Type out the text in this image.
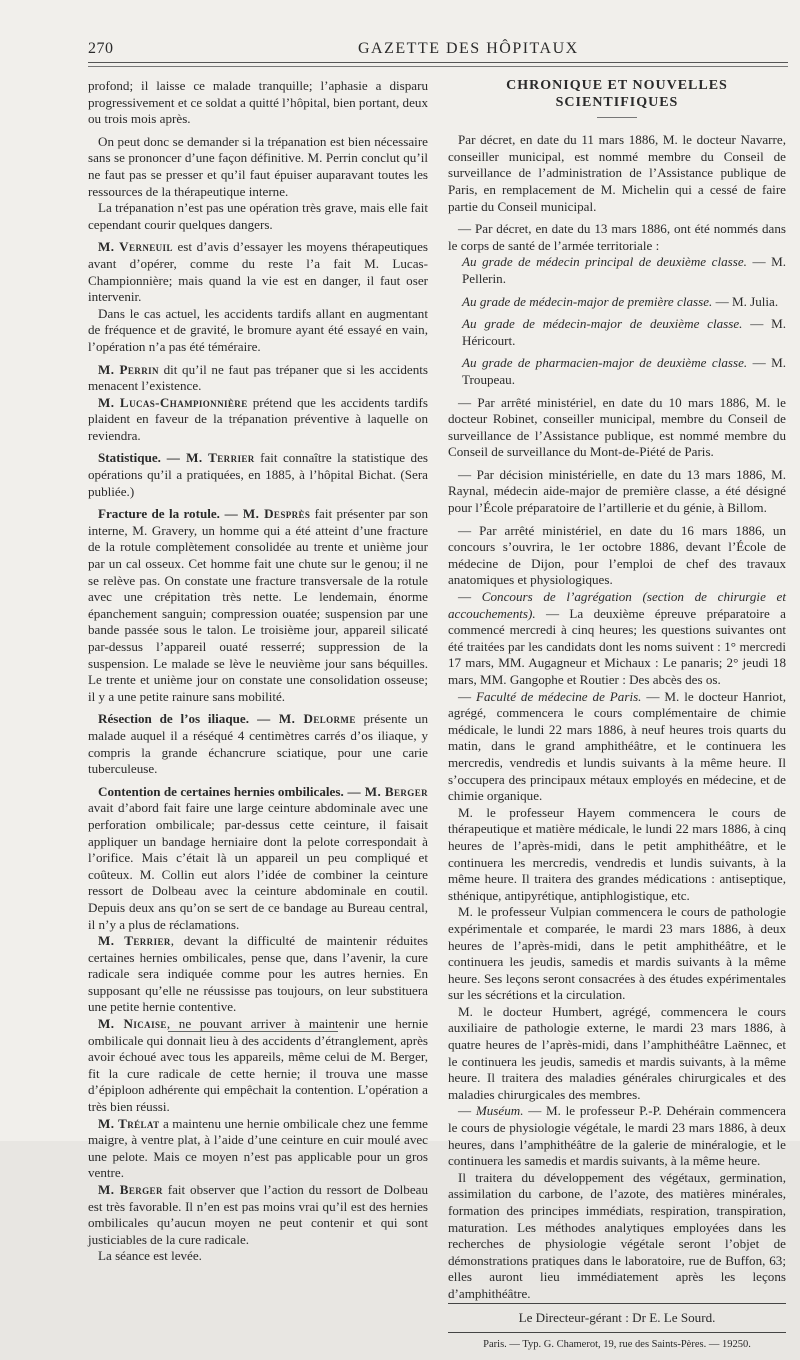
270	GAZETTE DES HÔPITAUX

profond; il laisse ce malade tranquille; l’aphasie a disparu progressivement et ce soldat a quitté l’hôpital, bien portant, deux ou trois mois après.

On peut donc se demander si la trépanation est bien nécessaire sans se prononcer d’une façon définitive. M. Perrin conclut qu’il ne faut pas se presser et qu’il faut épuiser auparavant toutes les ressources de la thérapeutique interne.

La trépanation n’est pas une opération très grave, mais elle fait cependant courir quelques dangers.

M. Verneuil est d’avis d’essayer les moyens thérapeutiques avant d’opérer, comme du reste l’a fait M. Lucas-Championnière; mais quand la vie est en danger, il faut oser intervenir.

Dans le cas actuel, les accidents tardifs allant en augmentant de fréquence et de gravité, le bromure ayant été essayé en vain, l’opération n’a pas été téméraire.

M. Perrin dit qu’il ne faut pas trépaner que si les accidents menacent l’existence.

M. Lucas-Championnière prétend que les accidents tardifs plaident en faveur de la trépanation préventive à laquelle on reviendra.

Statistique. — M. Terrier fait connaître la statistique des opérations qu’il a pratiquées, en 1885, à l’hôpital Bichat. (Sera publiée.)

Fracture de la rotule. — M. Desprès fait présenter par son interne, M. Gravery, un homme qui a été atteint d’une fracture de la rotule complètement consolidée au trente et unième jour par un cal osseux. Cet homme fait une chute sur le genou; il ne se relève pas. On constate une fracture transversale de la rotule avec une crépitation très nette. Le lendemain, énorme épanchement sanguin; compression ouatée; suspension par une bande passée sous le talon. Le troisième jour, appareil silicaté par-dessus l’appareil ouaté resserré; suppression de la suspension. Le malade se lève le neuvième jour sans béquilles. Le trente et unième jour on constate une consolidation osseuse; il y a une petite rainure sans mobilité.

Résection de l’os iliaque. — M. Delorme présente un malade auquel il a réséqué 4 centimètres carrés d’os iliaque, y compris la grande échancrure sciatique, pour une carie tuberculeuse.

Contention de certaines hernies ombilicales. — M. Berger avait d’abord fait faire une large ceinture abdominale avec une perforation ombilicale; par-dessus cette ceinture, il faisait appliquer un bandage herniaire dont la pelote correspondait à l’orifice. Mais c’était là un appareil un peu compliqué et coûteux. M. Collin eut alors l’idée de combiner la ceinture ressort de Dolbeau avec la ceinture abdominale en coutil. Depuis deux ans qu’on se sert de ce bandage au Bureau central, il n’y a plus de réclamations.

M. Terrier, devant la difficulté de maintenir réduites certaines hernies ombilicales, pense que, dans l’avenir, la cure radicale sera indiquée comme pour les autres hernies. En supposant qu’elle ne réussisse pas toujours, on leur substituera une petite hernie contentive.

M. Nicaise, ne pouvant arriver à maintenir une hernie ombilicale qui donnait lieu à des accidents d’étranglement, après avoir échoué avec tous les appareils, même celui de M. Berger, fit la cure radicale de cette hernie; il trouva une masse d’épiploon adhérente qui empêchait la contention. L’opération a très bien réussi.

M. Trélat a maintenu une hernie ombilicale chez une femme maigre, à ventre plat, à l’aide d’une ceinture en cuir moulé avec une pelote. Mais ce moyen n’est pas applicable pour un gros ventre.

M. Berger fait observer que l’action du ressort de Dolbeau est très favorable. Il n’en est pas moins vrai qu’il est des hernies ombilicales qu’aucun moyen ne peut contenir et qui sont justiciables de la cure radicale.

La séance est levée.

CHRONIQUE ET NOUVELLES SCIENTIFIQUES

Par décret, en date du 11 mars 1886, M. le docteur Navarre, conseiller municipal, est nommé membre du Conseil de surveillance de l’administration de l’Assistance publique de Paris, en remplacement de M. Michelin qui a cessé de faire partie du Conseil municipal.

— Par décret, en date du 13 mars 1886, ont été nommés dans le corps de santé de l’armée territoriale :

Au grade de médecin principal de deuxième classe. — M. Pellerin.

Au grade de médecin-major de première classe. — M. Julia.

Au grade de médecin-major de deuxième classe. — M. Héricourt.

Au grade de pharmacien-major de deuxième classe. — M. Troupeau.

— Par arrêté ministériel, en date du 10 mars 1886, M. le docteur Robinet, conseiller municipal, membre du Conseil de surveillance de l’Assistance publique, est nommé membre du Conseil de surveillance du Mont-de-Piété de Paris.

— Par décision ministérielle, en date du 13 mars 1886, M. Raynal, médecin aide-major de première classe, a été désigné pour l’École préparatoire de l’artillerie et du génie, à Billom.

— Par arrêté ministériel, en date du 16 mars 1886, un concours s’ouvrira, le 1er octobre 1886, devant l’École de médecine de Dijon, pour l’emploi de chef des travaux anatomiques et physiologiques.

— Concours de l’agrégation (section de chirurgie et accouchements). — La deuxième épreuve préparatoire a commencé mercredi à cinq heures; les questions suivantes ont été traitées par les candidats dont les noms suivent : 1° mercredi 17 mars, MM. Augagneur et Michaux : Le panaris; 2° jeudi 18 mars, MM. Gangophe et Routier : Des abcès des os.

— Faculté de médecine de Paris. — M. le docteur Hanriot, agrégé, commencera le cours complémentaire de chimie médicale, le lundi 22 mars 1886, à neuf heures trois quarts du matin, dans le grand amphithéâtre, et le continuera les mercredis, vendredis et lundis suivants à la même heure. Il s’occupera des principaux métaux employés en médecine, et de chimie organique.

M. le professeur Hayem commencera le cours de thérapeutique et matière médicale, le lundi 22 mars 1886, à cinq heures de l’après-midi, dans le petit amphithéâtre, et le continuera les mercredis, vendredis et lundis suivants, à la même heure. Il traitera des grandes médications : antiseptique, sthénique, antipyrétique, antiphlogistique, etc.

M. le professeur Vulpian commencera le cours de pathologie expérimentale et comparée, le mardi 23 mars 1886, à deux heures de l’après-midi, dans le petit amphithéâtre, et le continuera les jeudis, samedis et mardis suivants à la même heure. Ses leçons seront consacrées à des études expérimentales sur les sécrétions et la circulation.

M. le docteur Humbert, agrégé, commencera le cours auxiliaire de pathologie externe, le mardi 23 mars 1886, à quatre heures de l’après-midi, dans l’amphithéâtre Laënnec, et le continuera les jeudis, samedis et mardis suivants, à la même heure. Il traitera des maladies générales chirurgicales et des maladies chirurgicales des membres.

— Muséum. — M. le professeur P.-P. Dehérain commencera le cours de physiologie végétale, le mardi 23 mars 1886, à deux heures, dans l’amphithéâtre de la galerie de minéralogie, et le continuera les samedis et mardis suivants, à la même heure.

Il traitera du développement des végétaux, germination, assimilation du carbone, de l’azote, des matières minérales, formation des principes immédiats, respiration, transpiration, maturation. Les méthodes analytiques employées dans les recherches de physiologie végétale seront l’objet de démonstrations pratiques dans le laboratoire, rue de Buffon, 63; elles auront lieu immédiatement après les leçons d’amphithéâtre.

Le Directeur-gérant : Dr E. Le Sourd.

Paris. — Typ. G. Chamerot, 19, rue des Saints-Pères. — 19250.
